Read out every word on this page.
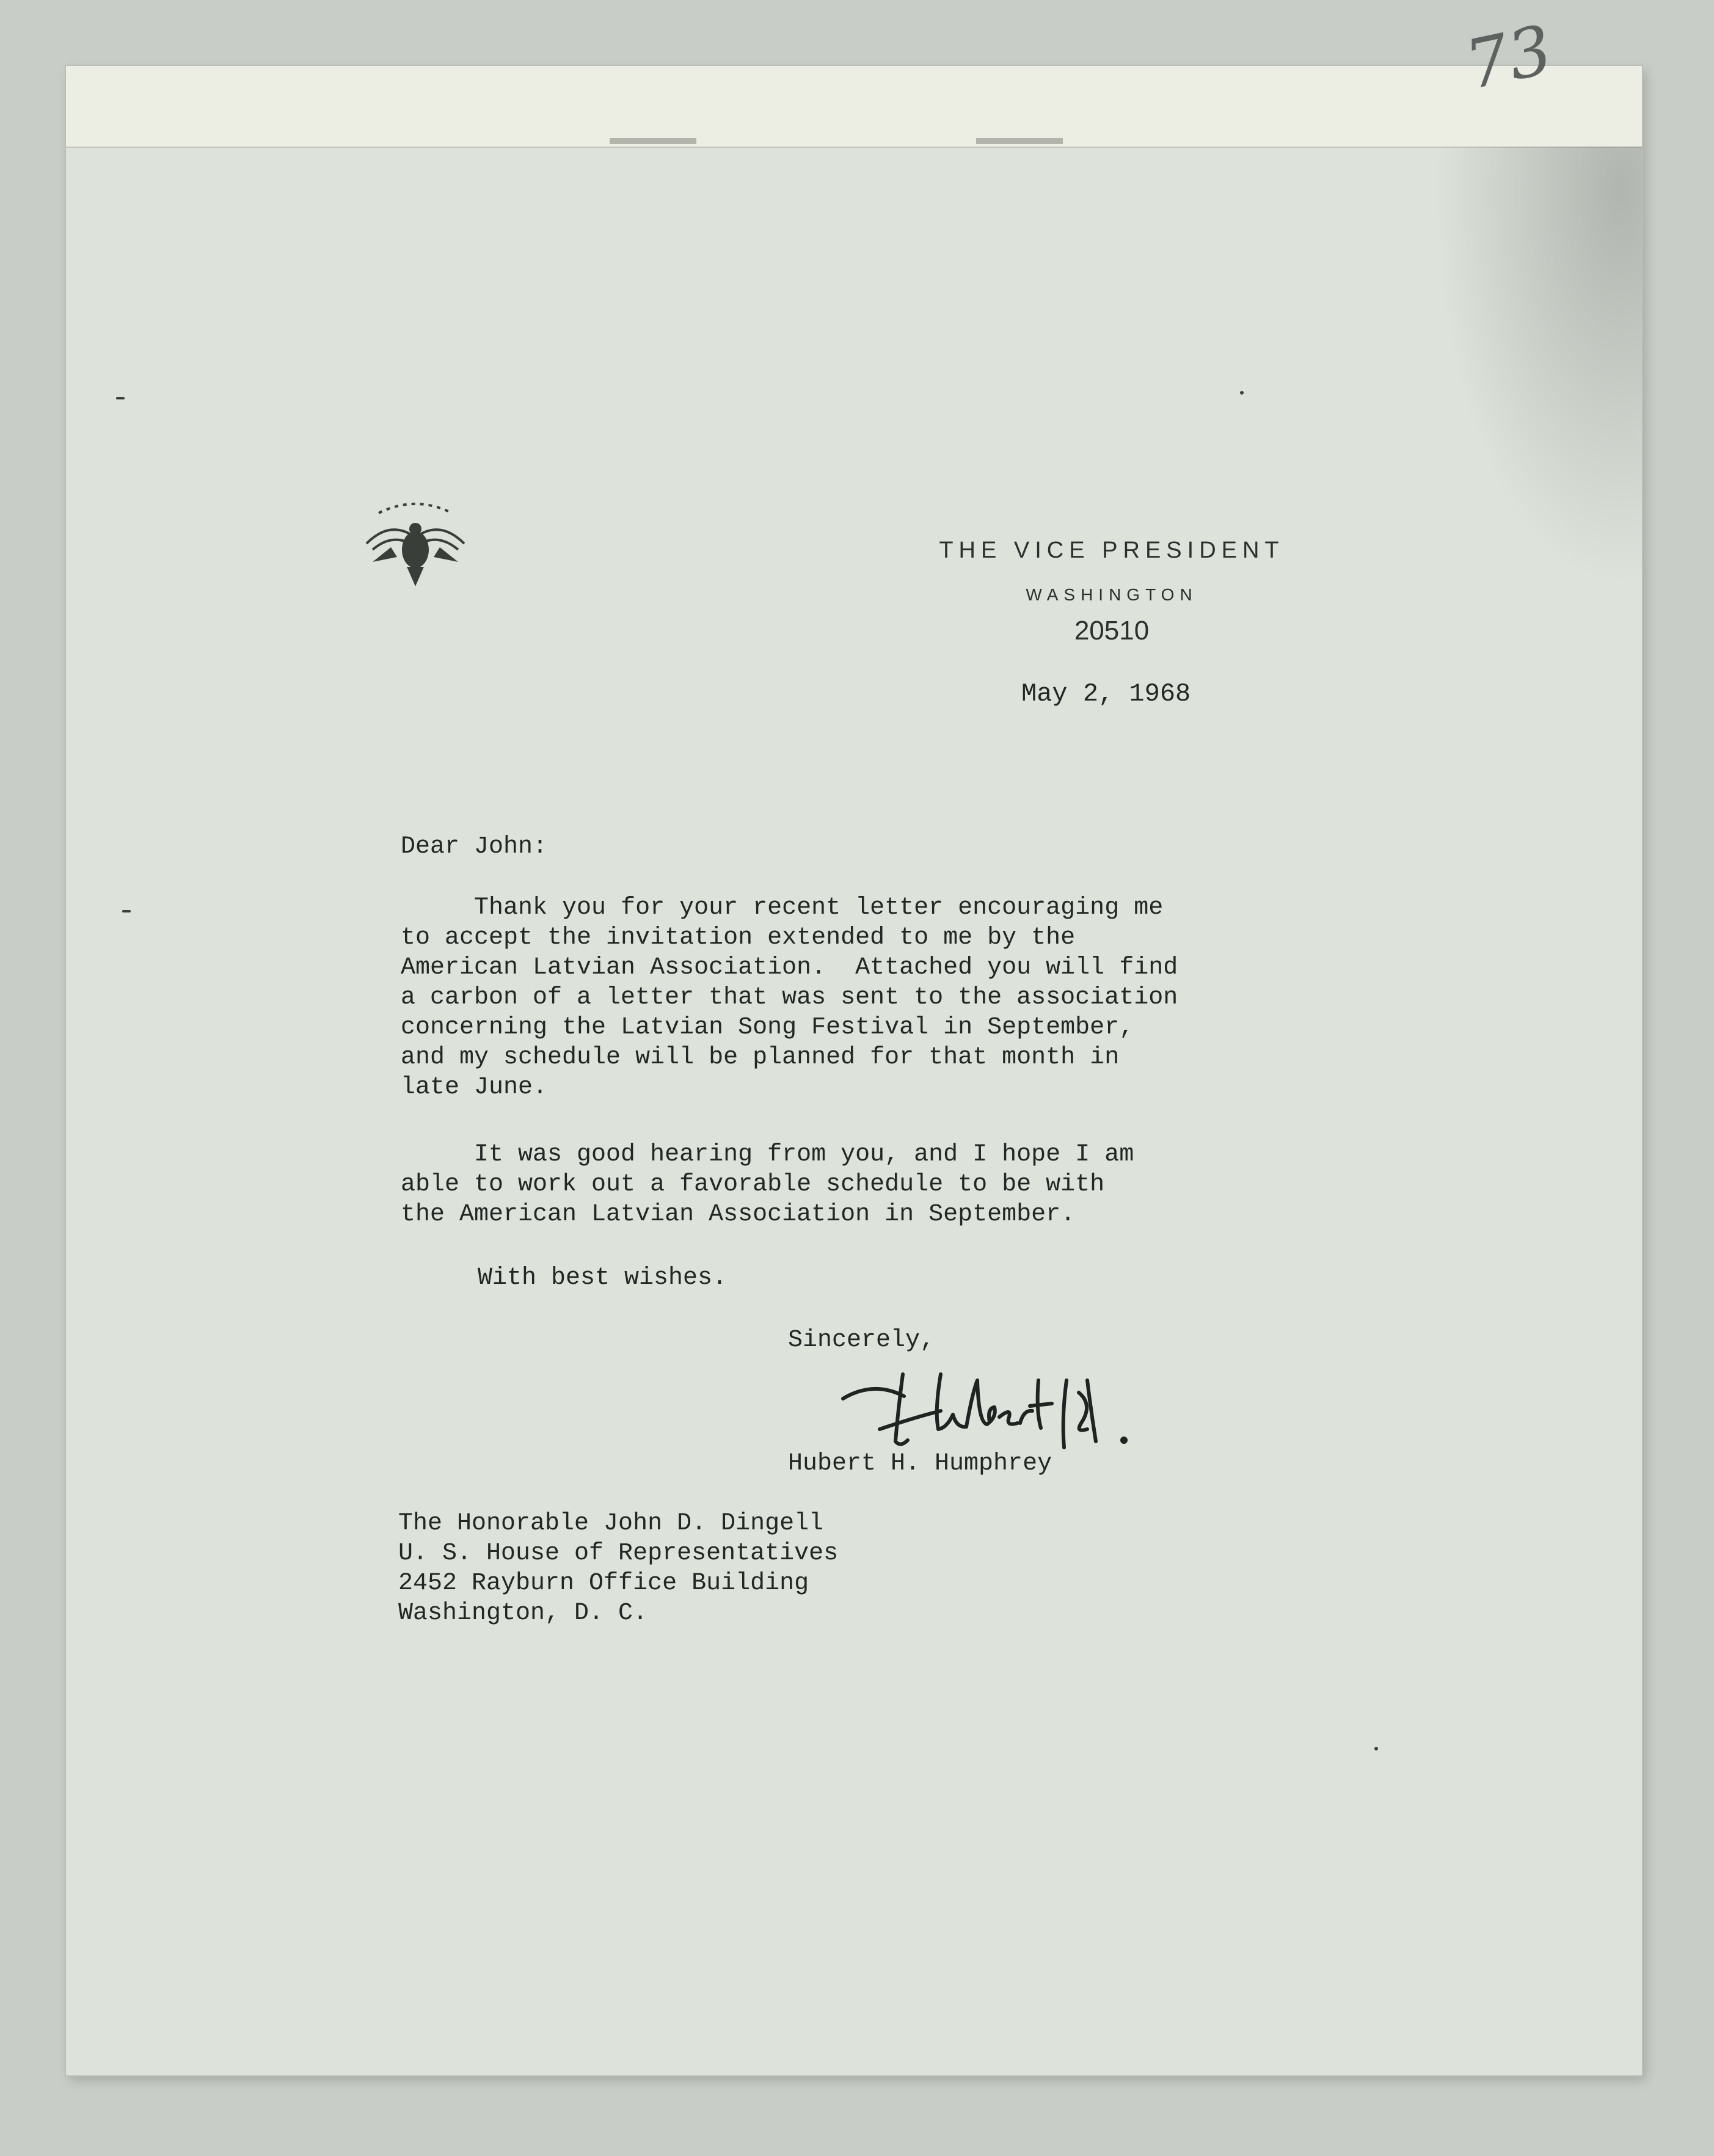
73
THE VICE PRESIDENT
WASHINGTON
20510
May 2, 1968
Dear John:
Thank you for your recent letter encouraging me
to accept the invitation extended to me by the
American Latvian Association.  Attached you will find
a carbon of a letter that was sent to the association
concerning the Latvian Song Festival in September,
and my schedule will be planned for that month in
late June.
It was good hearing from you, and I hope I am
able to work out a favorable schedule to be with
the American Latvian Association in September.
With best wishes.
Sincerely,
Hubert H. Humphrey
The Honorable John D. Dingell
U. S. House of Representatives
2452 Rayburn Office Building
Washington, D. C.
